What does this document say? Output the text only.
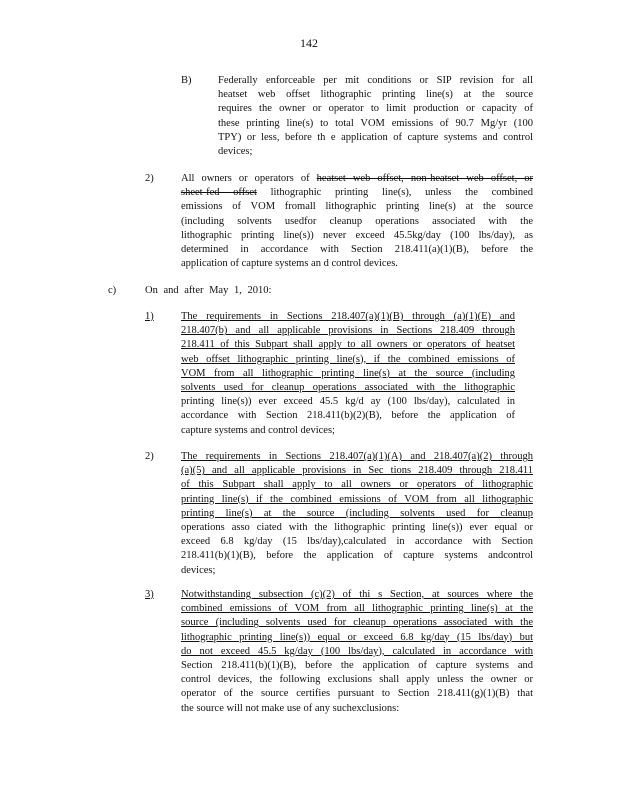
142
B)	Federally enforceable per mit conditions or SIP revision for all
heatset web offset lithographic printing line(s) at the source
requires the owner or operator to limit production or capacity of
these printing line(s) to total VOM emissions of 90.7 Mg/yr (100
TPY) or less, before th e application of capture systems and control
devices;
2)	All owners or operators of heatset web offset, non-heatset web offset, or
sheet-fed offset lithographic printing line(s), unless the combined
emissions of VOM fromall lithographic printing line(s) at the source
(including solvents usedfor cleanup operations associated with the
lithographic printing line(s)) never exceed 45.5kg/day (100 lbs/day), as
determined in accordance with Section 218.411(a)(1)(B), before the
application of capture systems an d control devices.
c)	On and after May 1, 2010:
1)	The requirements in Sections 218.407(a)(1)(B) through (a)(1)(E) and
218.407(b) and all applicable provisions in Sections 218.409 through
218.411 of this Subpart shall apply to all owners or operators of heatset
web offset lithographic printing line(s), if the combined emissions of
VOM from all lithographic printing line(s) at the source (including
solvents used for cleanup operations associated with the lithographic
printing line(s)) ever exceed 45.5 kg/d ay (100 lbs/day), calculated in
accordance with Section 218.411(b)(2)(B), before the application of
capture systems and control devices;
2)	The requirements in Sections 218.407(a)(1)(A) and 218.407(a)(2) through
(a)(5) and all applicable provisions in Sec tions 218.409 through 218.411
of this Subpart shall apply to all owners or operators of lithographic
printing line(s) if the combined emissions of VOM from all lithographic
printing line(s) at the source (including solvents used for cleanup
operations asso ciated with the lithographic printing line(s)) ever equal or
exceed 6.8 kg/day (15 lbs/day),calculated in accordance with Section
218.411(b)(1)(B), before the application of capture systems andcontrol
devices;
3)	Notwithstanding subsection (c)(2) of thi s Section, at sources where the
combined emissions of VOM from all lithographic printing line(s) at the
source (including solvents used for cleanup operations associated with the
lithographic printing line(s)) equal or exceed 6.8 kg/day (15 lbs/day) but
do not exceed 45.5 kg/day (100 lbs/day), calculated in accordance with
Section 218.411(b)(1)(B), before the application of capture systems and
control devices, the following exclusions shall apply unless the owner or
operator of the source certifies pursuant to Section 218.411(g)(1)(B) that
the source will not make use of any suchexclusions:
